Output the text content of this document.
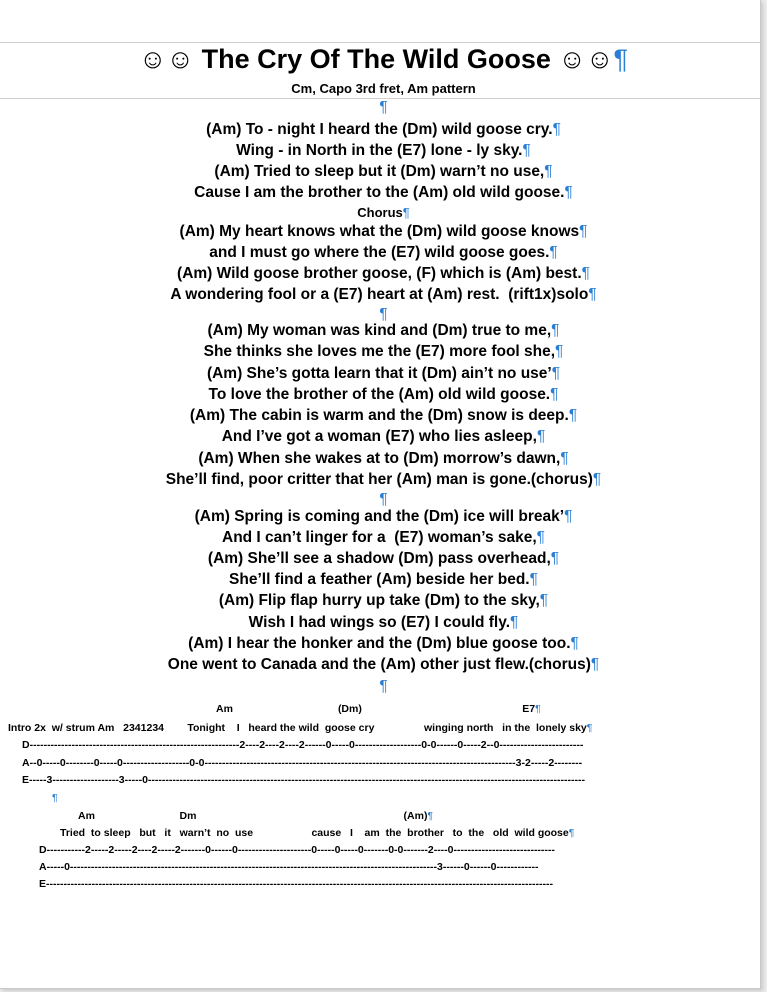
☺☺ The Cry Of The Wild Goose ☺☺¶
Cm, Capo 3rd fret, Am pattern
¶
(Am) To - night I heard the (Dm) wild goose cry.¶
Wing - in North in the (E7) lone - ly sky.¶
(Am) Tried to sleep but it (Dm) warn’t no use,¶
Cause I am the brother to the (Am) old wild goose.¶
Chorus¶
(Am) My heart knows what the (Dm) wild goose knows¶
and I must go where the (E7) wild goose goes.¶
(Am) Wild goose brother goose, (F) which is (Am) best.¶
A wondering fool or a (E7) heart at (Am) rest.  (rift1x)solo¶
¶
(Am) My woman was kind and (Dm) true to me,¶
She thinks she loves me the (E7) more fool she,¶
(Am) She’s gotta learn that it (Dm) ain’t no use’¶
To love the brother of the (Am) old wild goose.¶
(Am) The cabin is warm and the (Dm) snow is deep.¶
And I’ve got a woman (E7) who lies asleep,¶
(Am) When she wakes at to (Dm) morrow’s dawn,¶
She’ll find, poor critter that her (Am) man is gone.(chorus)¶
¶
(Am) Spring is coming and the (Dm) ice will break’¶
And I can’t linger for a  (E7) woman’s sake,¶
(Am) She’ll see a shadow (Dm) pass overhead,¶
She’ll find a feather (Am) beside her bed.¶
(Am) Flip flap hurry up take (Dm) to the sky,¶
Wish I had wings so (E7) I could fly.¶
(Am) I hear the honker and the (Dm) blue goose too.¶
One went to Canada and the (Am) other just flew.(chorus)¶
¶
Am                                    (Dm)                                                       E7¶
Intro 2x  w/ strum Am   2341234        Tonight    I   heard the wild  goose cry                 winging north   in the  lonely sky¶
D------------------------------------------------------------2----2----2----2------0-----0-------------------0-0------0-----2--0------------------------
A--0-----0--------0-----0-------------------0-0-----------------------------------------------------------------------------------------3-2-----2--------
E-----3-------------------3-----0-----------------------------------------------------------------------------------------------------------------------------
¶
Am                             Dm                                                                       (Am)¶
Tried  to sleep   but   it   warn’t  no  use                    cause   I    am  the  brother   to  the   old  wild goose¶
D-----------2-----2-----2----2-----2-------0------0---------------------0-----0-----0-------0-0-------2----0-----------------------------
A-----0---------------------------------------------------------------------------------------------------------3------0------0------------
E-------------------------------------------------------------------------------------------------------------------------------------------------
